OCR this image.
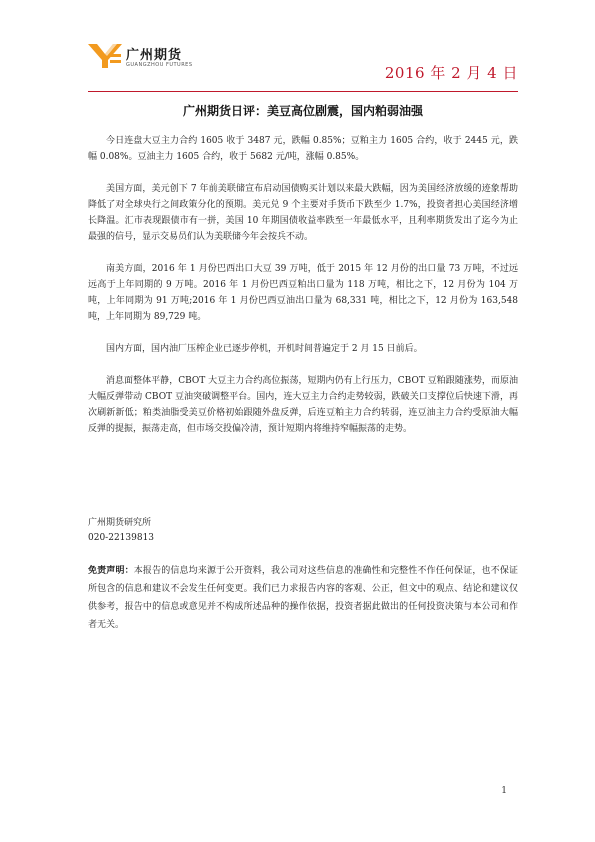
广州期货
GUANGZHOU FUTURES	2016 年 2 月 4 日
广州期货日评：美豆高位剧震，国内粕弱油强

今日连盘大豆主力合约 1605 收于 3487 元，跌幅 0.85%；豆粕主力 1605 合约，收于 2445 元，跌幅 0.08%。豆油主力 1605 合约，收于 5682 元/吨，涨幅 0.85%。

美国方面，美元创下 7 年前美联储宣布启动国债购买计划以来最大跌幅，因为美国经济放缓的迹象帮助降低了对全球央行之间政策分化的预期。美元兑 9 个主要对手货币下跌至少 1.7%，投资者担心美国经济增长降温。汇市表现跟债市有一拼，美国 10 年期国债收益率跌至一年最低水平，且利率期货发出了迄今为止最强的信号，显示交易员们认为美联储今年会按兵不动。

南美方面，2016 年 1 月份巴西出口大豆 39 万吨，低于 2015 年 12 月份的出口量 73 万吨，不过远远高于上年同期的 9 万吨。2016 年 1 月份巴西豆粕出口量为 118 万吨，相比之下，12 月份为 104 万吨，上年同期为 91 万吨;2016 年 1 月份巴西豆油出口量为 68,331 吨，相比之下，12 月份为 163,548 吨，上年同期为 89,729 吨。

国内方面，国内油厂压榨企业已逐步停机，开机时间普遍定于 2 月 15 日前后。

消息面整体平静，CBOT 大豆主力合约高位振荡，短期内仍有上行压力，CBOT 豆粕跟随涨势，而原油大幅反弹带动 CBOT 豆油突破调整平台。国内，连大豆主力合约走势较弱，跌破关口支撑位后快速下滑，再次刷新新低；粕类油脂受美豆价格初始跟随外盘反弹，后连豆粕主力合约转弱，连豆油主力合约受原油大幅反弹的提振，振荡走高，但市场交投偏冷清，预计短期内将维持窄幅振荡的走势。

广州期货研究所

020-22139813

免责声明：本报告的信息均来源于公开资料，我公司对这些信息的准确性和完整性不作任何保证，也不保证所包含的信息和建议不会发生任何变更。我们已力求报告内容的客观、公正，但文中的观点、结论和建议仅供参考，报告中的信息或意见并不构成所述品种的操作依据，投资者据此做出的任何投资决策与本公司和作者无关。

1
